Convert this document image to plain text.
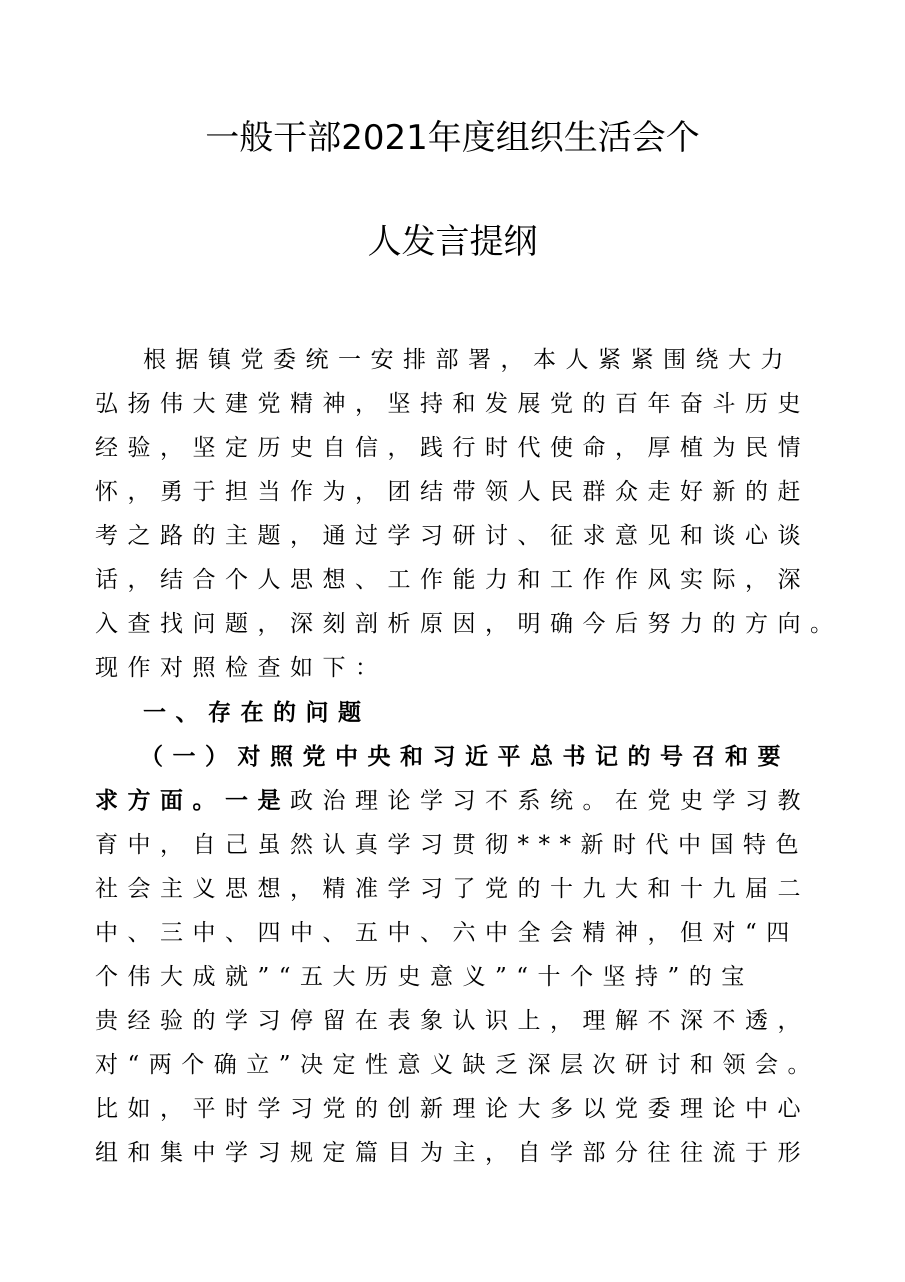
一般干部2021年度组织生活会个
人发言提纲
根据镇党委统一安排部署，本人紧紧围绕大力
弘扬伟大建党精神，坚持和发展党的百年奋斗历史
经验，坚定历史自信，践行时代使命，厚植为民情
怀，勇于担当作为，团结带领人民群众走好新的赶
考之路的主题，通过学习研讨、征求意见和谈心谈
话，结合个人思想、工作能力和工作作风实际，深
入查找问题，深刻剖析原因，明确今后努力的方向。
现作对照检查如下：
一、存在的问题
（一）对照党中央和习近平总书记的号召和要
求方面。一是政治理论学习不系统。在党史学习教
育中，自己虽然认真学习贯彻***新时代中国特色
社会主义思想，精准学习了党的十九大和十九届二
中、三中、四中、五中、六中全会精神，但对“四
个伟大成就”“五大历史意义”“十个坚持”的宝
贵经验的学习停留在表象认识上，理解不深不透，
对“两个确立”决定性意义缺乏深层次研讨和领会。
比如，平时学习党的创新理论大多以党委理论中心
组和集中学习规定篇目为主，自学部分往往流于形
